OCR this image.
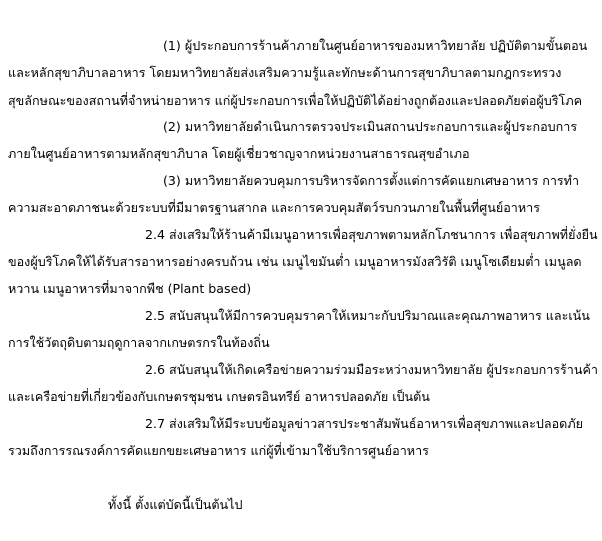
(1) ผู้ประกอบการร้านค้าภายในศูนย์อาหารของมหาวิทยาลัย ปฏิบัติตามขั้นตอน
และหลักสุขาภิบาลอาหาร โดยมหาวิทยาลัยส่งเสริมความรู้และทักษะด้านการสุขาภิบาลตามกฎกระทรวง
สุขลักษณะของสถานที่จำหน่ายอาหาร แก่ผู้ประกอบการเพื่อให้ปฏิบัติได้อย่างถูกต้องและปลอดภัยต่อผู้บริโภค
(2) มหาวิทยาลัยดำเนินการตรวจประเมินสถานประกอบการและผู้ประกอบการ
ภายในศูนย์อาหารตามหลักสุขาภิบาล โดยผู้เชี่ยวชาญจากหน่วยงานสาธารณสุขอำเภอ
(3) มหาวิทยาลัยควบคุมการบริหารจัดการตั้งแต่การคัดแยกเศษอาหาร การทำ
ความสะอาดภาชนะด้วยระบบที่มีมาตรฐานสากล และการควบคุมสัตว์รบกวนภายในพื้นที่ศูนย์อาหาร
2.4 ส่งเสริมให้ร้านค้ามีเมนูอาหารเพื่อสุขภาพตามหลักโภชนาการ เพื่อสุขภาพที่ยั่งยืน
ของผู้บริโภคให้ได้รับสารอาหารอย่างครบถ้วน เช่น เมนูไขมันต่ำ เมนูอาหารมังสวิรัติ เมนูโซเดียมต่ำ เมนูลด
หวาน เมนูอาหารที่มาจากพืช (Plant based)
2.5 สนับสนุนให้มีการควบคุมราคาให้เหมาะกับปริมาณและคุณภาพอาหาร และเน้น
การใช้วัตถุดิบตามฤดูกาลจากเกษตรกรในท้องถิ่น
2.6 สนับสนุนให้เกิดเครือข่ายความร่วมมือระหว่างมหาวิทยาลัย ผู้ประกอบการร้านค้า
และเครือข่ายที่เกี่ยวข้องกับเกษตรชุมชน เกษตรอินทรีย์ อาหารปลอดภัย เป็นต้น
2.7 ส่งเสริมให้มีระบบข้อมูลข่าวสารประชาสัมพันธ์อาหารเพื่อสุขภาพและปลอดภัย
รวมถึงการรณรงค์การคัดแยกขยะเศษอาหาร แก่ผู้ที่เข้ามาใช้บริการศูนย์อาหาร
ทั้งนี้ ตั้งแต่บัดนี้เป็นต้นไป
